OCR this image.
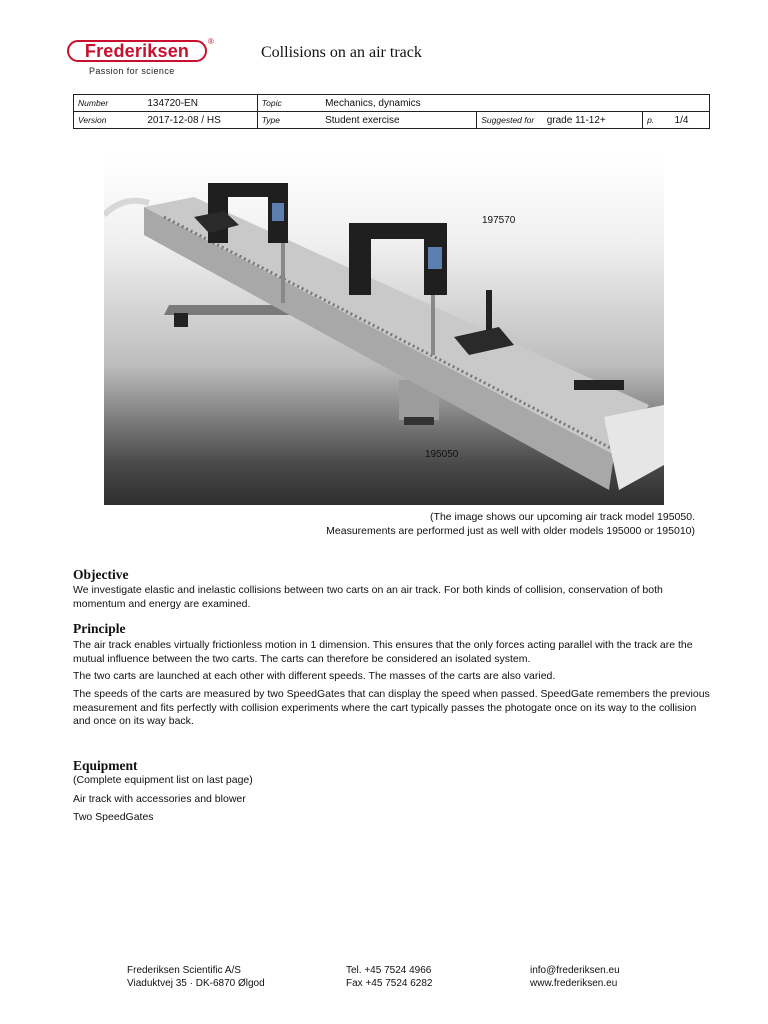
Frederiksen	®
Passion for science
Collisions on an air track
Number	134720-EN	Topic	Mechanics, dynamics				
Version	2017-12-08 / HS	Type	Student exercise	Suggested for	grade 11-12+	p.	1/4
197570
195050
(The image shows our upcoming air track model 195050.
Measurements are performed just as well with older models 195000 or 195010)
Objective

We investigate elastic and inelastic collisions between two carts on an air track. For both kinds of collision, conservation of both momentum and energy are examined.

Principle

The air track enables virtually frictionless motion in 1 dimension. This ensures that the only forces acting parallel with the track are the mutual influence between the two carts. The carts can therefore be considered an isolated system.

The two carts are launched at each other with different speeds. The masses of the carts are also varied.

The speeds of the carts are measured by two SpeedGates that can display the speed when passed. SpeedGate remembers the previous measurement and fits perfectly with collision experiments where the cart typically passes the photogate once on its way to the collision and once on its way back.

Equipment

(Complete equipment list on last page)

Air track with accessories and blower

Two SpeedGates

Frederiksen Scientific A/S
Viaduktvej 35 · DK-6870 Ølgod
Tel. +45 7524 4966
Fax +45 7524 6282
info@frederiksen.eu
www.frederiksen.eu
